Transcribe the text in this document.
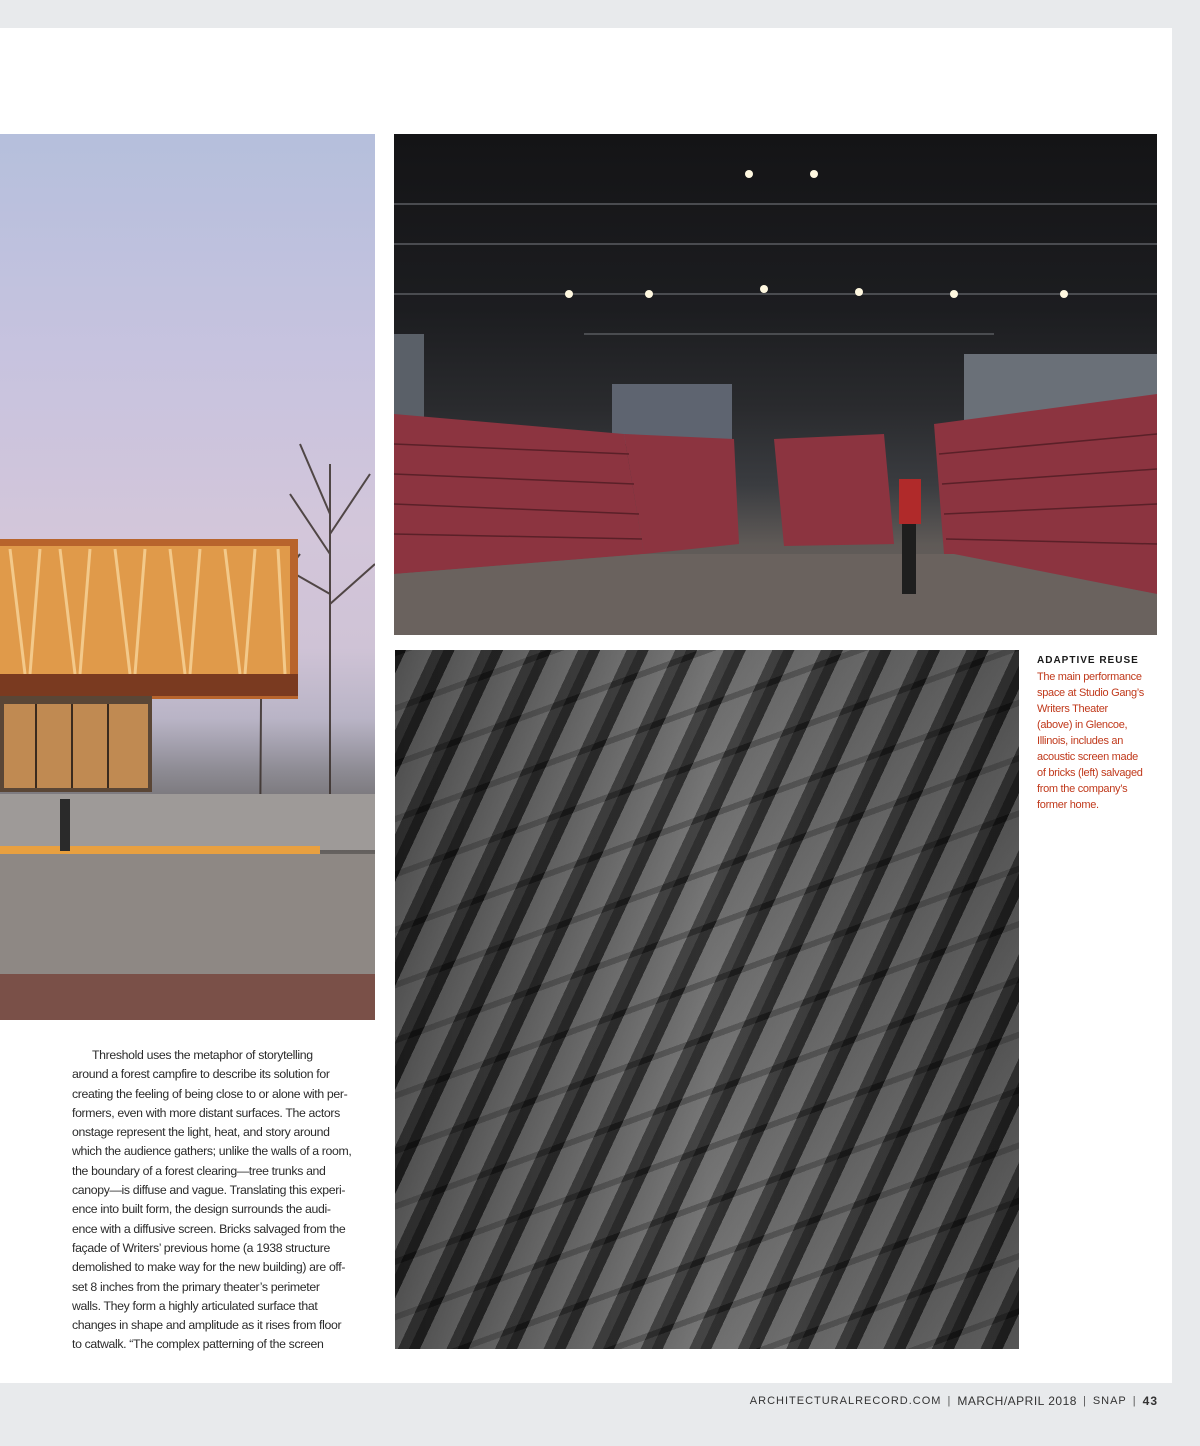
ADAPTIVE REUSE
The main performance
space at Studio Gang’s
Writers Theater
(above) in Glencoe,
Illinois, includes an
acoustic screen made
of bricks (left) salvaged
from the company’s
former home.
Threshold uses the metaphor of storytelling
around a forest campfire to describe its solution for
creating the feeling of being close to or alone with per-
formers, even with more distant surfaces. The actors
onstage represent the light, heat, and story around
which the audience gathers; unlike the walls of a room,
the boundary of a forest clearing—tree trunks and
canopy—is diffuse and vague. Translating this experi-
ence into built form, the design surrounds the audi-
ence with a diffusive screen. Bricks salvaged from the
façade of Writers’ previous home (a 1938 structure
demolished to make way for the new building) are off-
set 8 inches from the primary theater’s perimeter
walls. They form a highly articulated surface that
changes in shape and amplitude as it rises from floor
to catwalk. “The complex patterning of the screen
ARCHITECTURALRECORD.COM | MARCH/APRIL 2018 | SNAP | 43
